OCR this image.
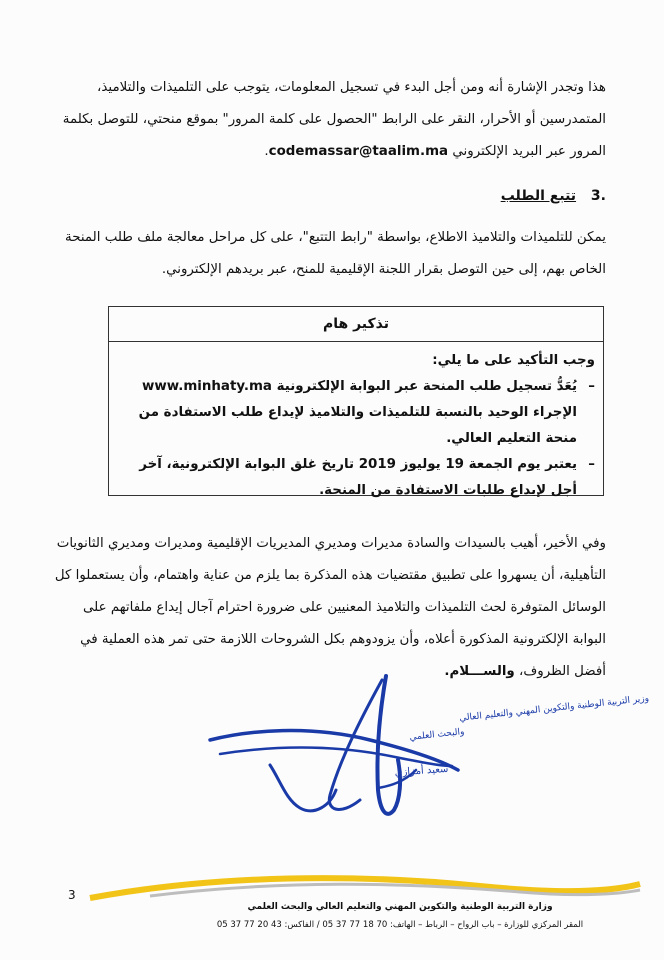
هذا وتجدر الإشارة أنه ومن أجل البدء في تسجيل المعلومات، يتوجب على التلميذات والتلاميذ، المتمدرسين أو الأحرار، النقر على الرابط "الحصول على كلمة المرور" بموقع منحتي، للتوصل بكلمة المرور عبر البريد الإلكتروني codemassar@taalim.ma.
.3 تتبع الطلب
يمكن للتلميذات والتلاميذ الاطلاع، بواسطة "رابط التتبع"، على كل مراحل معالجة ملف طلب المنحة الخاص بهم، إلى حين التوصل بقرار اللجنة الإقليمية للمنح، عبر بريدهم الإلكتروني.
تذكير هام
وجب التأكيد على ما يلي:
–
يُعَدُّ تسجيل طلب المنحة عبر البوابة الإلكترونية www.minhaty.ma الإجراء الوحيد بالنسبة للتلميذات والتلاميذ لإيداع طلب الاستفادة من منحة التعليم العالي.
–
يعتبر يوم الجمعة 19 يوليوز 2019 تاريخ غلق البوابة الإلكترونية، آخر أجل لإيداع طلبات الاستفادة من المنحة.
وفي الأخير، أهيب بالسيدات والسادة مديرات ومديري المديريات الإقليمية ومديرات ومديري الثانويات التأهيلية، أن يسهروا على تطبيق مقتضيات هذه المذكرة بما يلزم من عناية واهتمام، وأن يستعملوا كل الوسائل المتوفرة لحث التلميذات والتلاميذ المعنيين على ضرورة احترام آجال إيداع ملفاتهم على البوابة الإلكترونية المذكورة أعلاه، وأن يزودوهم بكل الشروحات اللازمة حتى تمر هذه العملية في أفضل الظروف، والســـلام.
وزير التربية الوطنية والتكوين المهني والتعليم العالي
والبحث العلمي
سعيد أمزازي
3
وزارة التربية الوطنية والتكوين المهني والتعليم العالي والبحث العلمي
المقر المركزي للوزارة – باب الرواح – الرباط – الهاتف: 70 18 77 37 05 / الفاكس: 43 20 77 37 05
